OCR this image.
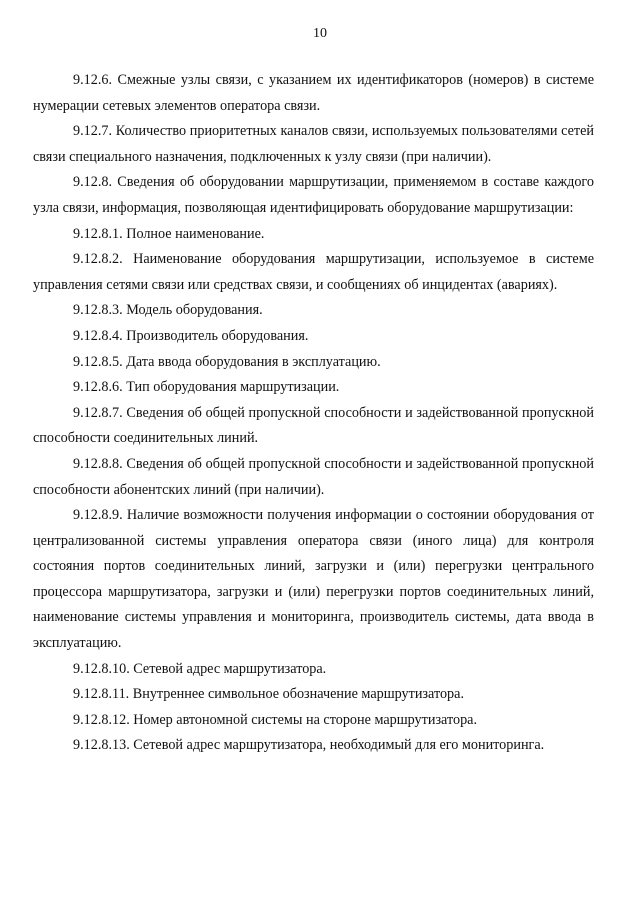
10

9.12.6. Смежные узлы связи, с указанием их идентификаторов (номеров) в системе нумерации сетевых элементов оператора связи.

9.12.7. Количество приоритетных каналов связи, используемых пользователями сетей связи специального назначения, подключенных к узлу связи (при наличии).

9.12.8. Сведения об оборудовании маршрутизации, применяемом в составе каждого узла связи, информация, позволяющая идентифицировать оборудование маршрутизации:

9.12.8.1. Полное наименование.

9.12.8.2. Наименование оборудования маршрутизации, используемое в системе управления сетями связи или средствах связи, и сообщениях об инцидентах (авариях).

9.12.8.3. Модель оборудования.

9.12.8.4. Производитель оборудования.

9.12.8.5. Дата ввода оборудования в эксплуатацию.

9.12.8.6. Тип оборудования маршрутизации.

9.12.8.7. Сведения об общей пропускной способности и задействованной пропускной способности соединительных линий.

9.12.8.8. Сведения об общей пропускной способности и задействованной пропускной способности абонентских линий (при наличии).

9.12.8.9. Наличие возможности получения информации о состоянии оборудования от централизованной системы управления оператора связи (иного лица) для контроля состояния портов соединительных линий, загрузки и (или) перегрузки центрального процессора маршрутизатора, загрузки и (или) перегрузки портов соединительных линий, наименование системы управления и мониторинга, производитель системы, дата ввода в эксплуатацию.

9.12.8.10. Сетевой адрес маршрутизатора.

9.12.8.11. Внутреннее символьное обозначение маршрутизатора.

9.12.8.12. Номер автономной системы на стороне маршрутизатора.

9.12.8.13. Сетевой адрес маршрутизатора, необходимый для его мониторинга.
